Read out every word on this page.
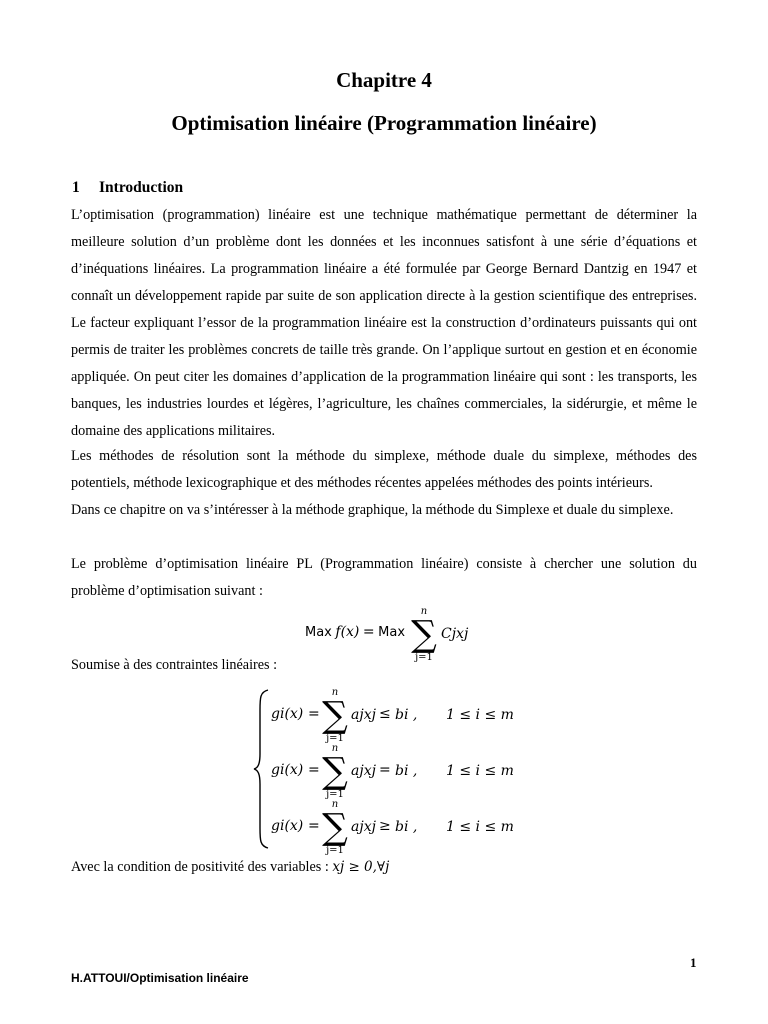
Chapitre 4
Optimisation linéaire (Programmation linéaire)
1 Introduction

L’optimisation (programmation) linéaire est une technique mathématique permettant de déterminer la meilleure solution d’un problème dont les données et les inconnues satisfont à une série d’équations et d’inéquations linéaires. La programmation linéaire a été formulée par George Bernard Dantzig en 1947 et connaît un développement rapide par suite de son application directe à la gestion scientifique des entreprises. Le facteur expliquant l’essor de la programmation linéaire est la construction d’ordinateurs puissants qui ont permis de traiter les problèmes concrets de taille très grande. On l’applique surtout en gestion et en économie appliquée. On peut citer les domaines d’application de la programmation linéaire qui sont : les transports, les banques, les industries lourdes et légères, l’agriculture, les chaînes commerciales, la sidérurgie, et même le domaine des applications militaires.

Les méthodes de résolution sont la méthode du simplexe, méthode duale du simplexe, méthodes des potentiels, méthode lexicographique et des méthodes récentes appelées méthodes des points intérieurs.

Dans ce chapitre on va s’intéresser à la méthode graphique, la méthode du Simplexe et duale du simplexe.

Le problème d’optimisation linéaire PL (Programmation linéaire) consiste à chercher une solution du problème d’optimisation suivant :

Max f(x) = Max
n
∑
j=1
Cjxj
Soumise à des contraintes linéaires :
gi(x) =
n
∑
j=1
ajxj ≤ bi , 1 ≤ i ≤ m
gi(x) =
n
∑
j=1
ajxj = bi , 1 ≤ i ≤ m
gi(x) =
n
∑
j=1
ajxj ≥ bi , 1 ≤ i ≤ m
Avec la condition de positivité des variables : xj ≥ 0,∀j
1
H.ATTOUI/Optimisation linéaire
